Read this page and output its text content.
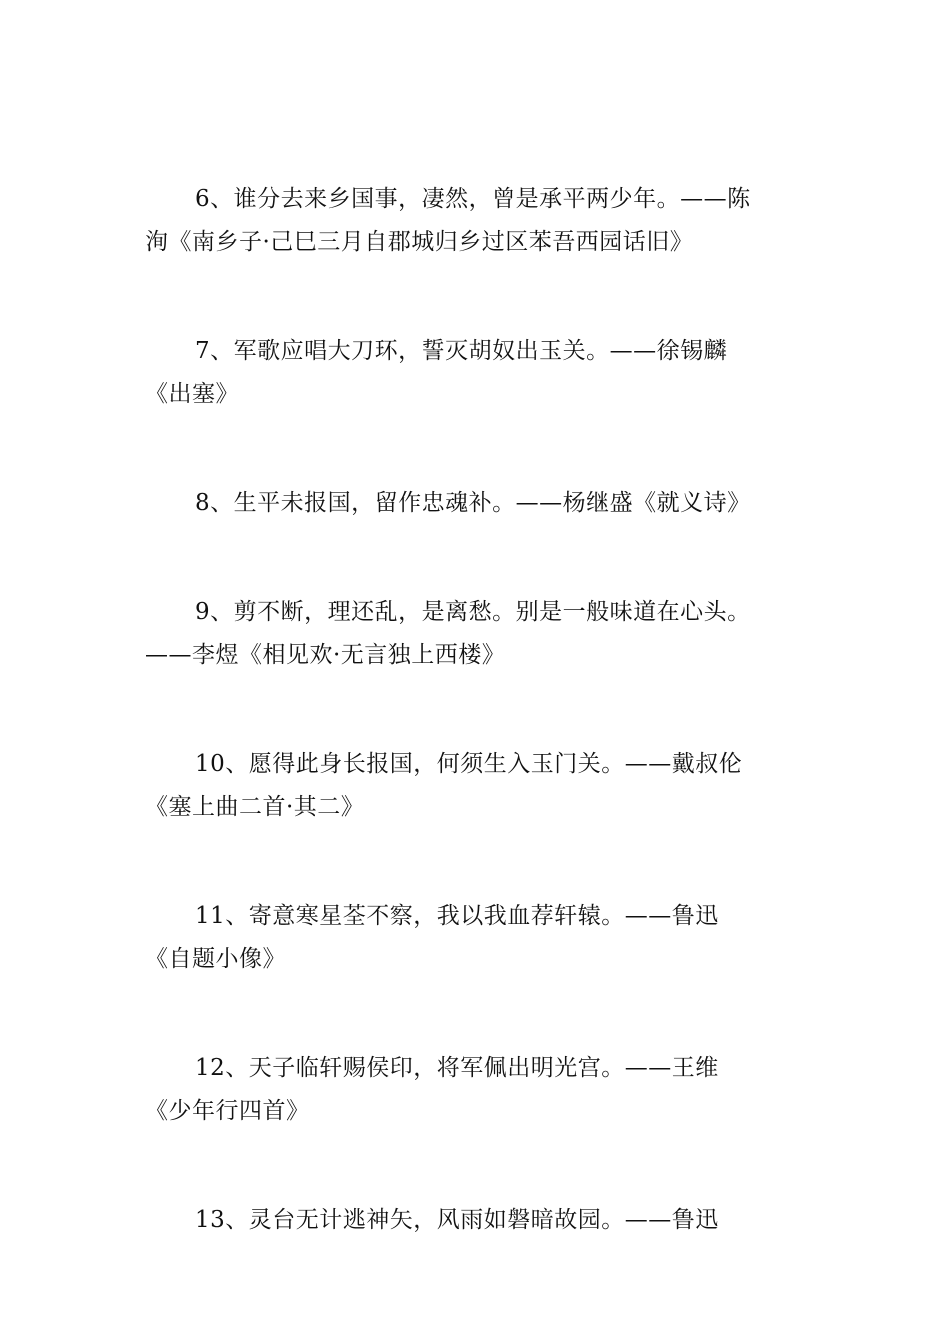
6、谁分去来乡国事，凄然，曾是承平两少年。——陈
洵《南乡子·己巳三月自郡城归乡过区苯吾西园话旧》
7、军歌应唱大刀环，誓灭胡奴出玉关。——徐锡麟
《出塞》
8、生平未报国，留作忠魂补。——杨继盛《就义诗》
9、剪不断，理还乱，是离愁。别是一般味道在心头。
——李煜《相见欢·无言独上西楼》
10、愿得此身长报国，何须生入玉门关。——戴叔伦
《塞上曲二首·其二》
11、寄意寒星荃不察，我以我血荐轩辕。——鲁迅
《自题小像》
12、天子临轩赐侯印，将军佩出明光宫。——王维
《少年行四首》
13、灵台无计逃神矢，风雨如磐暗故园。——鲁迅
